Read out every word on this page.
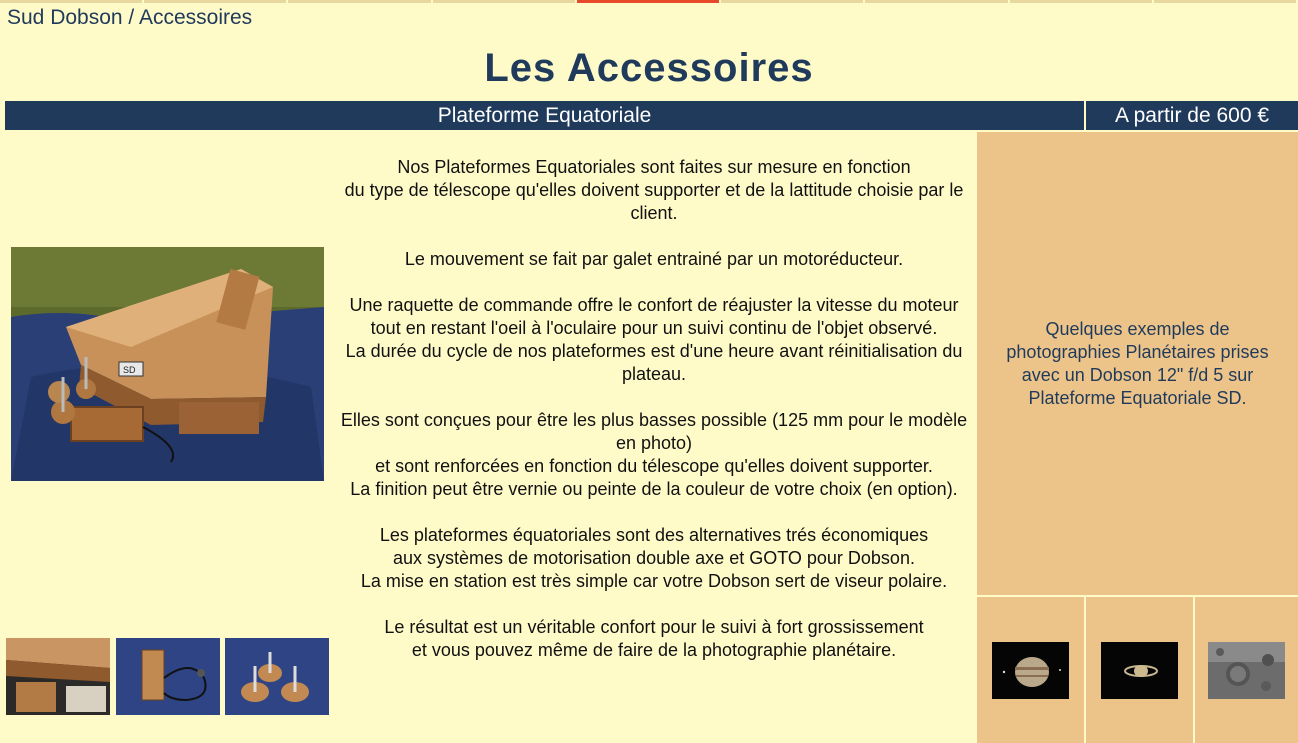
Sud Dobson / Accessoires
Les Accessoires
Plateforme Equatoriale	A partir de 600 €
SD

Nos Plateformes Equatoriales sont faites sur mesure en fonction

du type de télescope qu'elles doivent supporter et de la lattitude choisie par le client.

Le mouvement se fait par galet entrainé par un motoréducteur.

Une raquette de commande offre le confort de réajuster la vitesse du moteur

tout en restant l'oeil à l'oculaire pour un suivi continu de l'objet observé.

La durée du cycle de nos plateformes est d'une heure avant réinitialisation du plateau.

Elles sont conçues pour être les plus basses possible (125 mm pour le modèle en photo)

et sont renforcées en fonction du télescope qu'elles doivent supporter.

La finition peut être vernie ou peinte de la couleur de votre choix (en option).

Les plateformes équatoriales sont des alternatives trés économiques

aux systèmes de motorisation double axe et GOTO pour Dobson.

La mise en station est très simple car votre Dobson sert de viseur polaire.

Le résultat est un véritable confort pour le suivi à fort grossissement

et vous pouvez même de faire de la photographie planétaire.

Quelques exemples de photographies Planétaires prises avec un Dobson 12" f/d 5 sur Plateforme Equatoriale SD.
